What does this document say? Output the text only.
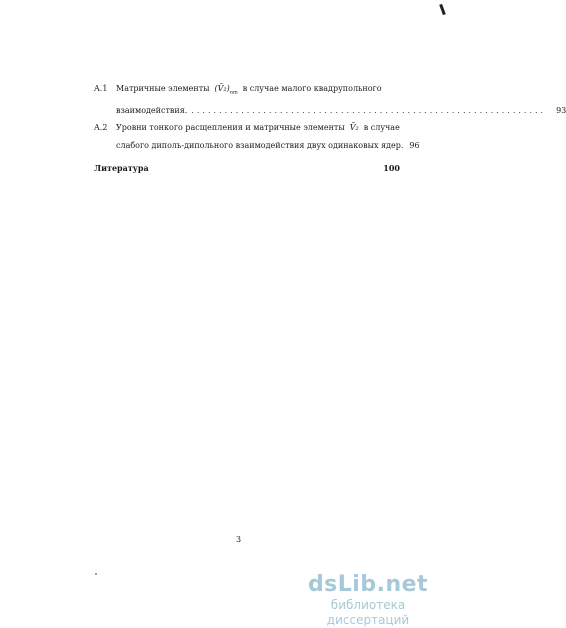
A.1	Матричные элементы $(Ṽ_2)_{nm}$ в случае малого квадрупольного
взаимодействия. ................................................................	93
A.2	Уровни тонкого расщепления и матричные элементы Ṽ₂ в случае
слабого диполь-дипольного взаимодействия двух одинаковых ядер. 96
Литература	100
3
dsLib.net
библиотека диссертаций
